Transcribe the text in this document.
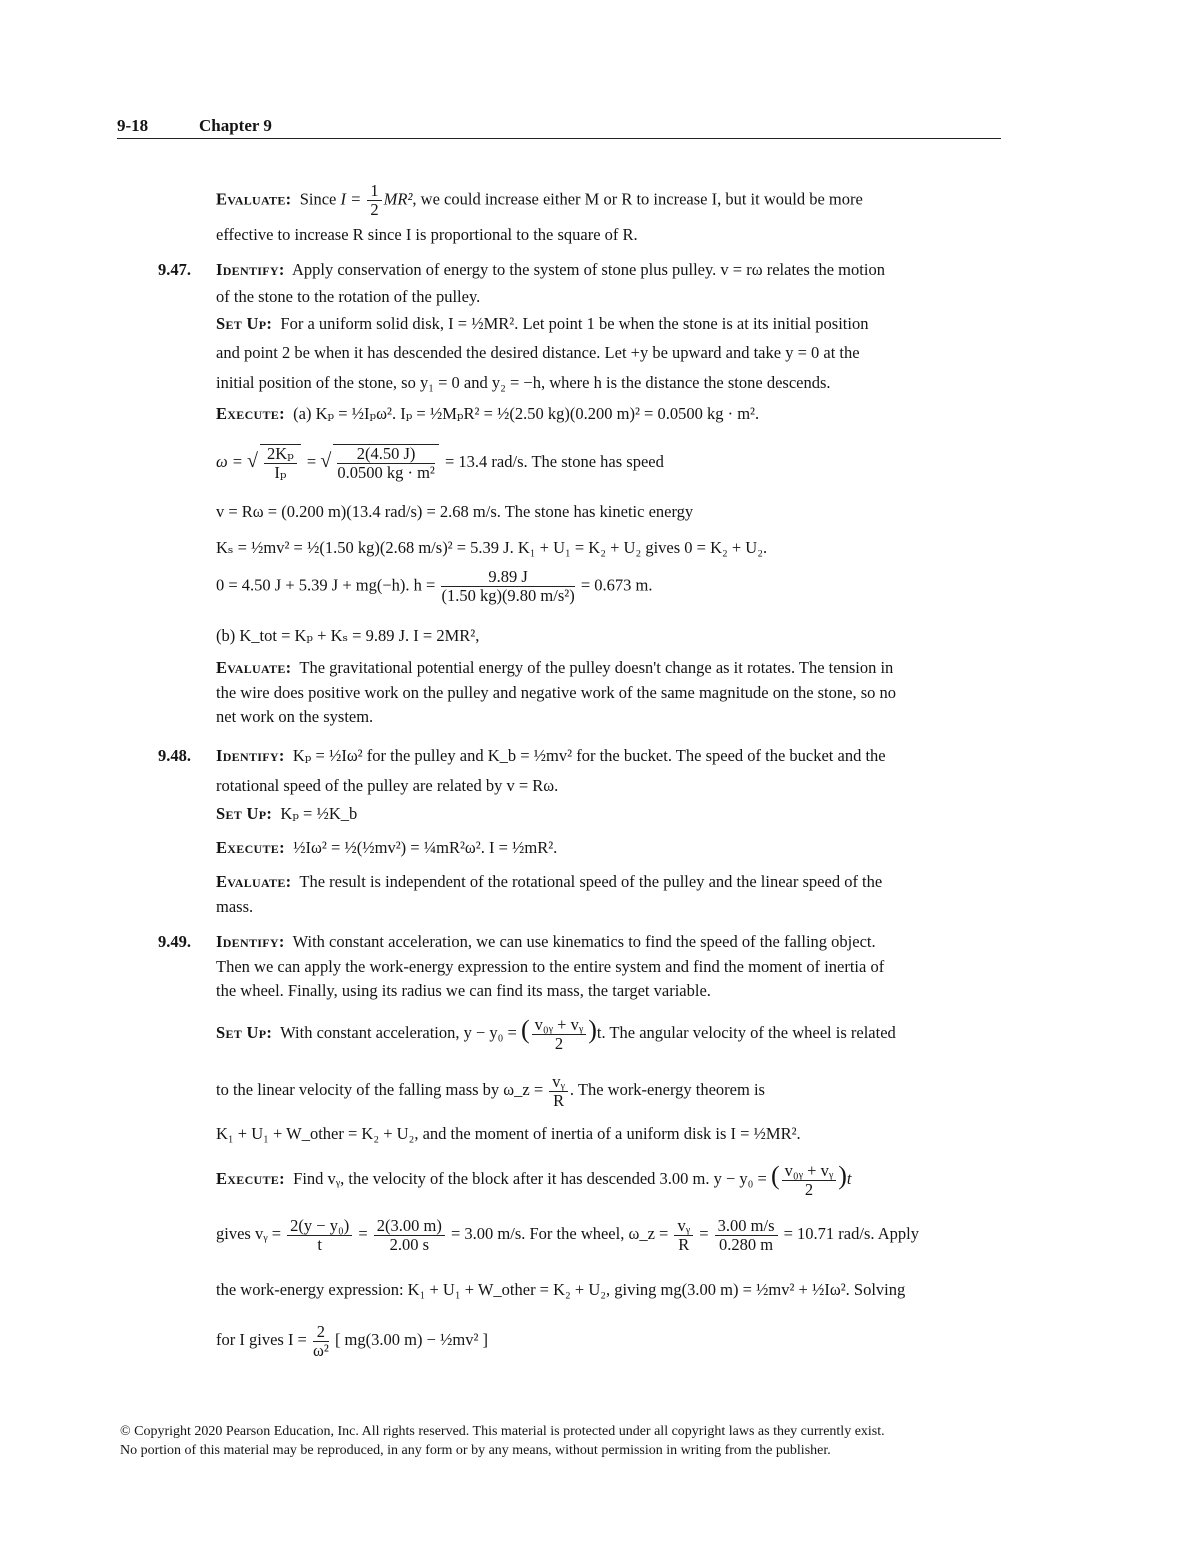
9-18	Chapter 9
Evaluate: Since $I = \frac{1}{2} MR^2$, we could increase either M or R to increase I, but it would be more
effective to increase R since I is proportional to the square of R.
9.47. Identify: Apply conservation of energy to the system of stone plus pulley. v = rω relates the motion
of the stone to the rotation of the pulley.
Set Up: For a uniform solid disk, I = ½MR². Let point 1 be when the stone is at its initial position
and point 2 be when it has descended the desired distance. Let +y be upward and take y = 0 at the
initial position of the stone, so y₁ = 0 and y₂ = −h, where h is the distance the stone descends.
Execute: (a) Kₚ = ½Iₚω². Iₚ = ½MₚR² = ½(2.50 kg)(0.200 m)² = 0.0500 kg · m².
ω = √ $\frac{\text{2Kₚ}}{\text{Iₚ}}$ = √ $\frac{2(4.50 J)}{\text{0.0500 kg · m²}} = 13.4$ rad/s. The stone has speed
v = Rω = (0.200 m)(13.4 rad/s) = 2.68 m/s. The stone has kinetic energy
Kₛ = ½mv² = ½(1.50 kg)(2.68 m/s)² = 5.39 J. K₁ + U₁ = K₂ + U₂ gives 0 = K₂ + U₂.
0 = 4.50 J + 5.39 J + mg(−h). $h = \frac{9.89 J}{\text{(1.50 kg)(9.80 m/s²)}} = 0.673$ m.
(b) K_tot = Kₚ + Kₛ = 9.89 J. I = 2MR²,
Evaluate: The gravitational potential energy of the pulley doesn't change as it rotates. The tension in
the wire does positive work on the pulley and negative work of the same magnitude on the stone, so no
net work on the system.
9.48. Identify: Kₚ = ½Iω² for the pulley and K_b = ½mv² for the bucket. The speed of the bucket and the
rotational speed of the pulley are related by v = Rω.
Set Up: Kₚ = ½K_b
Execute: ½Iω² = ½(½mv²) = ¼mR²ω². I = ½mR².
Evaluate: The result is independent of the rotational speed of the pulley and the linear speed of the
mass.
9.49. Identify: With constant acceleration, we can use kinematics to find the speed of the falling object.
Then we can apply the work-energy expression to the entire system and find the moment of inertia of
the wheel. Finally, using its radius we can find its mass, the target variable.
Set Up: With constant acceleration, y − y₀ = ( $\frac{\text{v₀ᵧ + vᵧ}}{2} )t$. The angular velocity of the wheel is related
to the linear velocity of the falling mass by ω_z = $\frac{\text{vᵧ}}{R}$ . The work-energy theorem is
K₁ + U₁ + W_other = K₂ + U₂, and the moment of inertia of a uniform disk is I = ½MR².
Execute: Find vᵧ, the velocity of the block after it has descended 3.00 m. y − y₀ = ( $\frac{\text{v₀ᵧ + vᵧ}}{2} )t$
gives vᵧ = $\frac{\text{2(y − y₀)}}{t} = \frac{2(3.00 m)}{2.00 s} = 3.00$ m/s. For the wheel, ω_z = $\frac{\text{vᵧ}}{R} = \frac{3.00 m/s}{0.280 m} = 10.71$ rad/s. Apply
the work-energy expression: K₁ + U₁ + W_other = K₂ + U₂, giving mg(3.00 m) = ½mv² + ½Iω². Solving
for I gives $I = \frac{2}{\text{ω²}}$ [ mg(3.00 m) − ½mv² ]
© Copyright 2020 Pearson Education, Inc. All rights reserved. This material is protected under all copyright laws as they currently exist.
No portion of this material may be reproduced, in any form or by any means, without permission in writing from the publisher.
